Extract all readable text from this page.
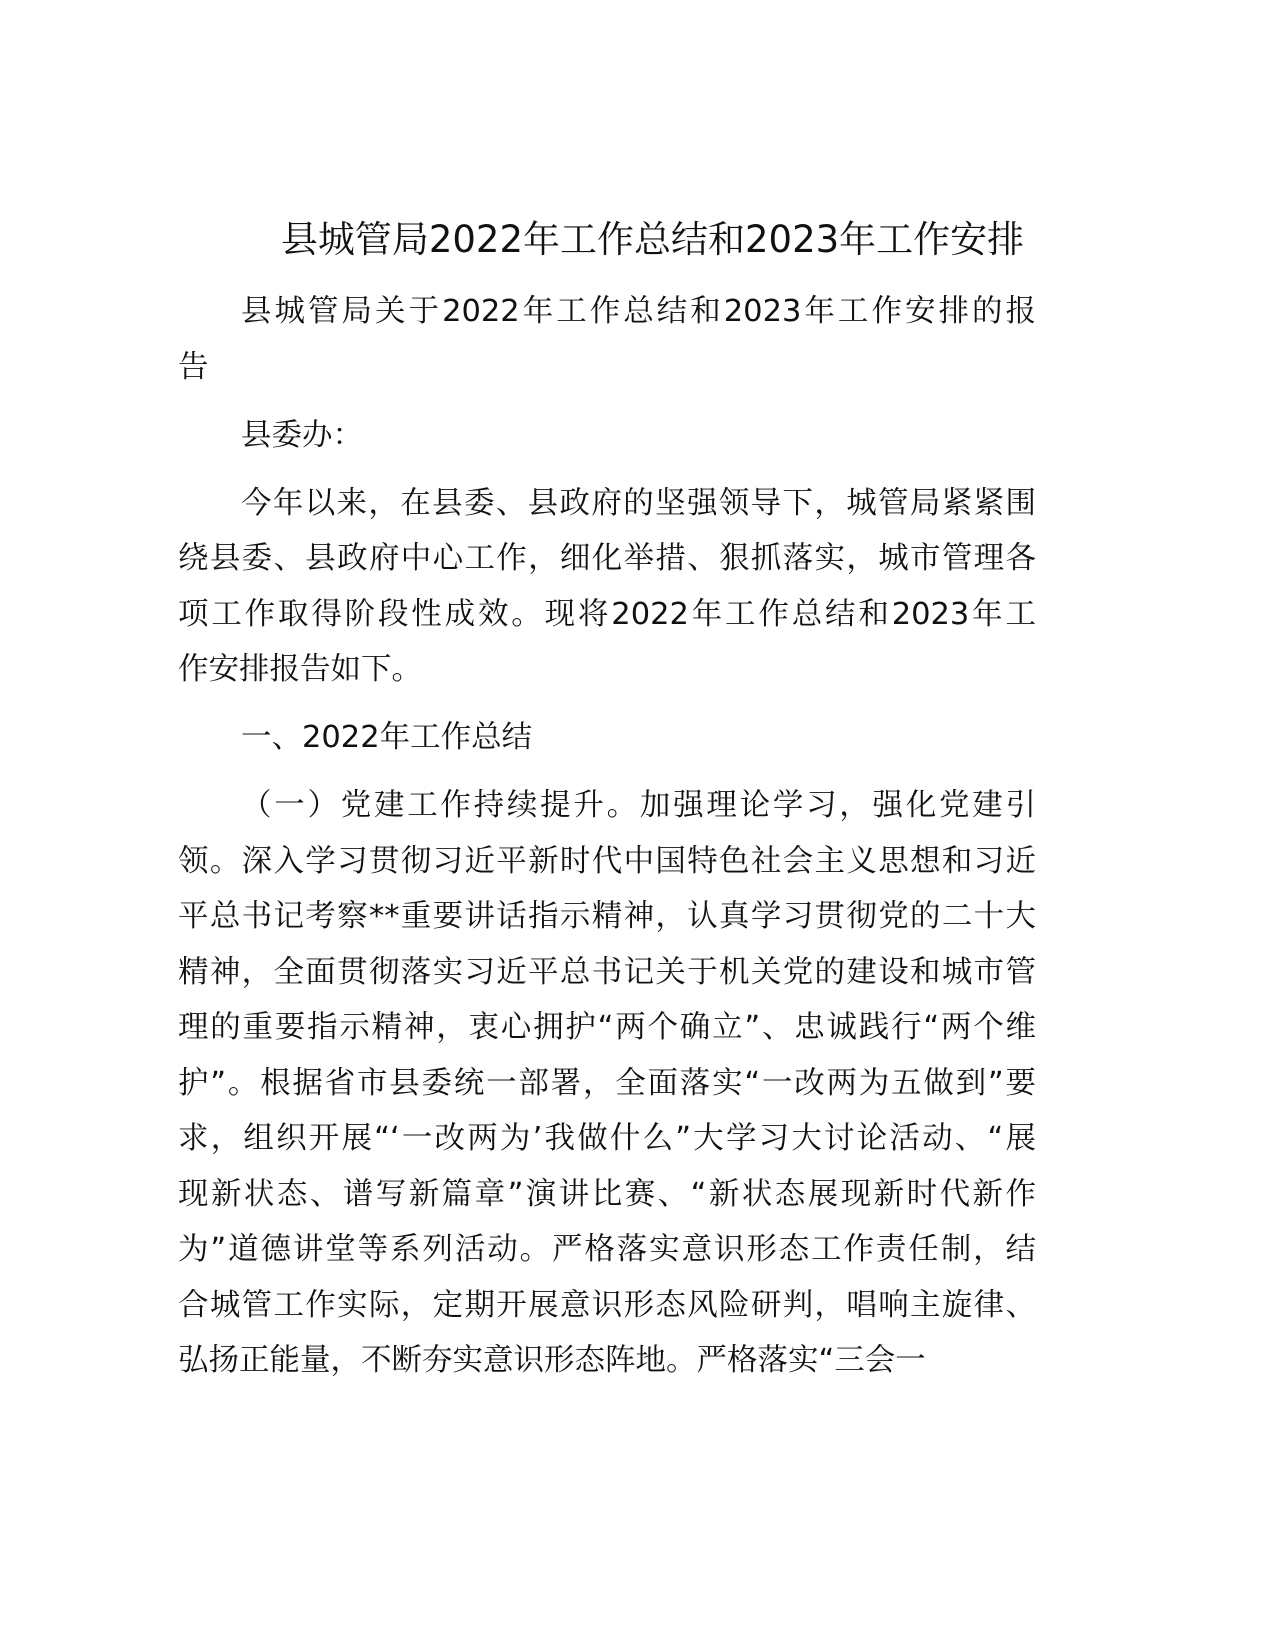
县城管局2022年工作总结和2023年工作安排
县城管局关于2022年工作总结和2023年工作安排的报
告
县委办：
今年以来，在县委、县政府的坚强领导下，城管局紧紧围
绕县委、县政府中心工作，细化举措、狠抓落实，城市管理各
项工作取得阶段性成效。现将2022年工作总结和2023年工
作安排报告如下。
一、2022年工作总结
（一）党建工作持续提升。加强理论学习，强化党建引
领。深入学习贯彻习近平新时代中国特色社会主义思想和习近
平总书记考察**重要讲话指示精神，认真学习贯彻党的二十大
精神，全面贯彻落实习近平总书记关于机关党的建设和城市管
理的重要指示精神，衷心拥护“两个确立”、忠诚践行“两个维
护”。根据省市县委统一部署，全面落实“一改两为五做到”要
求，组织开展“‘一改两为’我做什么”大学习大讨论活动、“展
现新状态、谱写新篇章”演讲比赛、“新状态展现新时代新作
为”道德讲堂等系列活动。严格落实意识形态工作责任制，结
合城管工作实际，定期开展意识形态风险研判，唱响主旋律、
弘扬正能量，不断夯实意识形态阵地。严格落实“三会一
